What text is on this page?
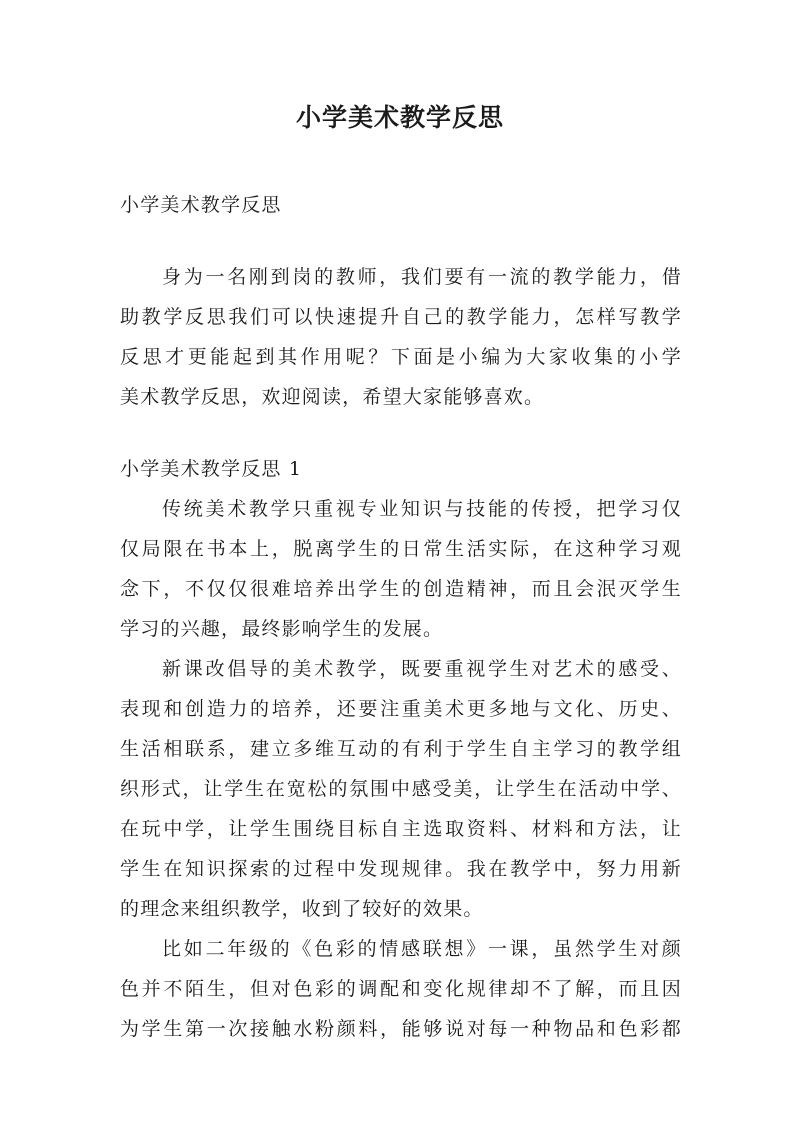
小学美术教学反思
小学美术教学反思
身为一名刚到岗的教师，我们要有一流的教学能力，借
助教学反思我们可以快速提升自己的教学能力，怎样写教学
反思才更能起到其作用呢？下面是小编为大家收集的小学
美术教学反思，欢迎阅读，希望大家能够喜欢。
小学美术教学反思 1
传统美术教学只重视专业知识与技能的传授，把学习仅
仅局限在书本上，脱离学生的日常生活实际，在这种学习观
念下，不仅仅很难培养出学生的创造精神，而且会泯灭学生
学习的兴趣，最终影响学生的发展。
新课改倡导的美术教学，既要重视学生对艺术的感受、
表现和创造力的培养，还要注重美术更多地与文化、历史、
生活相联系，建立多维互动的有利于学生自主学习的教学组
织形式，让学生在宽松的氛围中感受美，让学生在活动中学、
在玩中学，让学生围绕目标自主选取资料、材料和方法，让
学生在知识探索的过程中发现规律。我在教学中，努力用新
的理念来组织教学，收到了较好的效果。
比如二年级的《色彩的情感联想》一课，虽然学生对颜
色并不陌生，但对色彩的调配和变化规律却不了解，而且因
为学生第一次接触水粉颜料，能够说对每一种物品和色彩都
